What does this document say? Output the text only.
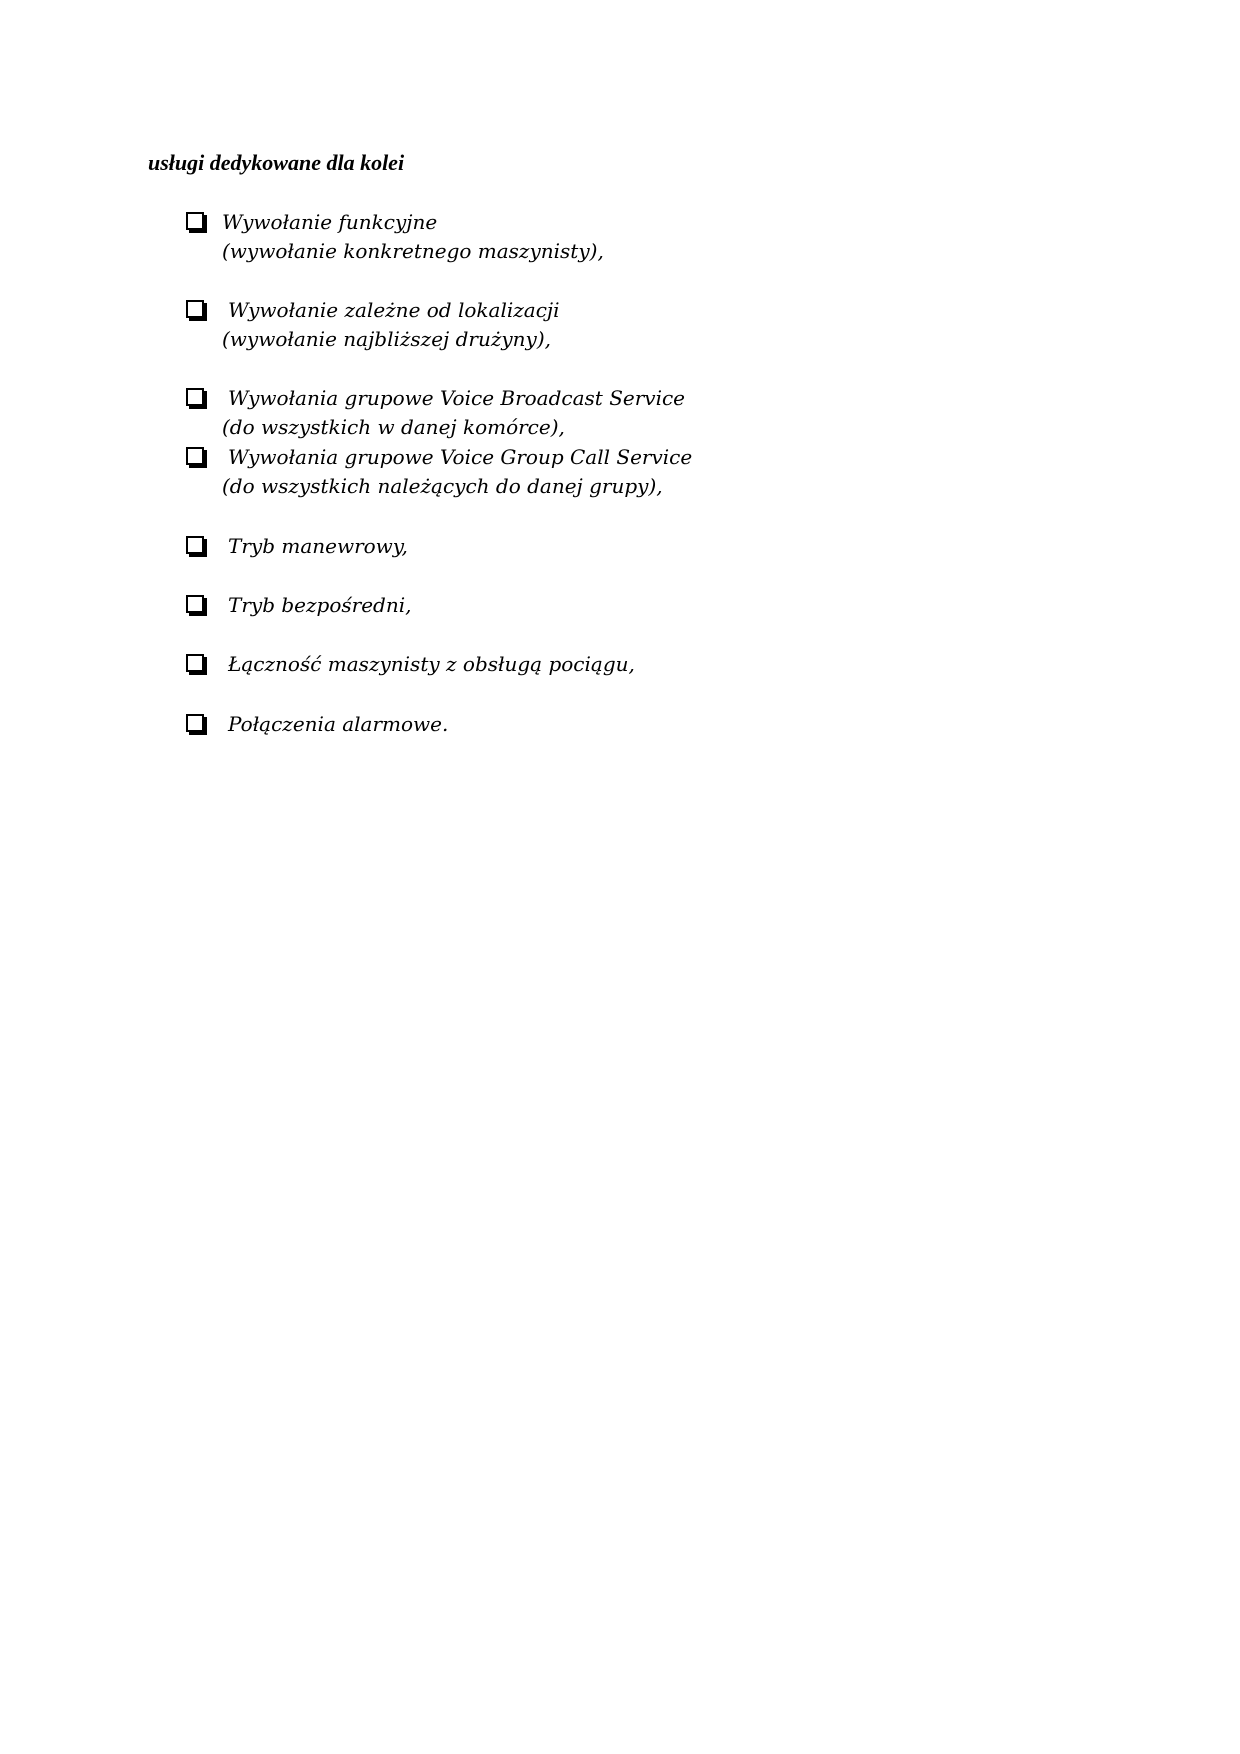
usługi dedykowane dla kolei
Wywołanie funkcyjne
(wywołanie konkretnego maszynisty),
Wywołanie zależne od lokalizacji
(wywołanie najbliższej drużyny),
Wywołania grupowe Voice Broadcast Service
(do wszystkich w danej komórce),
Wywołania grupowe Voice Group Call Service
(do wszystkich należących do danej grupy),
Tryb manewrowy,
Tryb bezpośredni,
Łączność maszynisty z obsługą pociągu,
Połączenia alarmowe.
